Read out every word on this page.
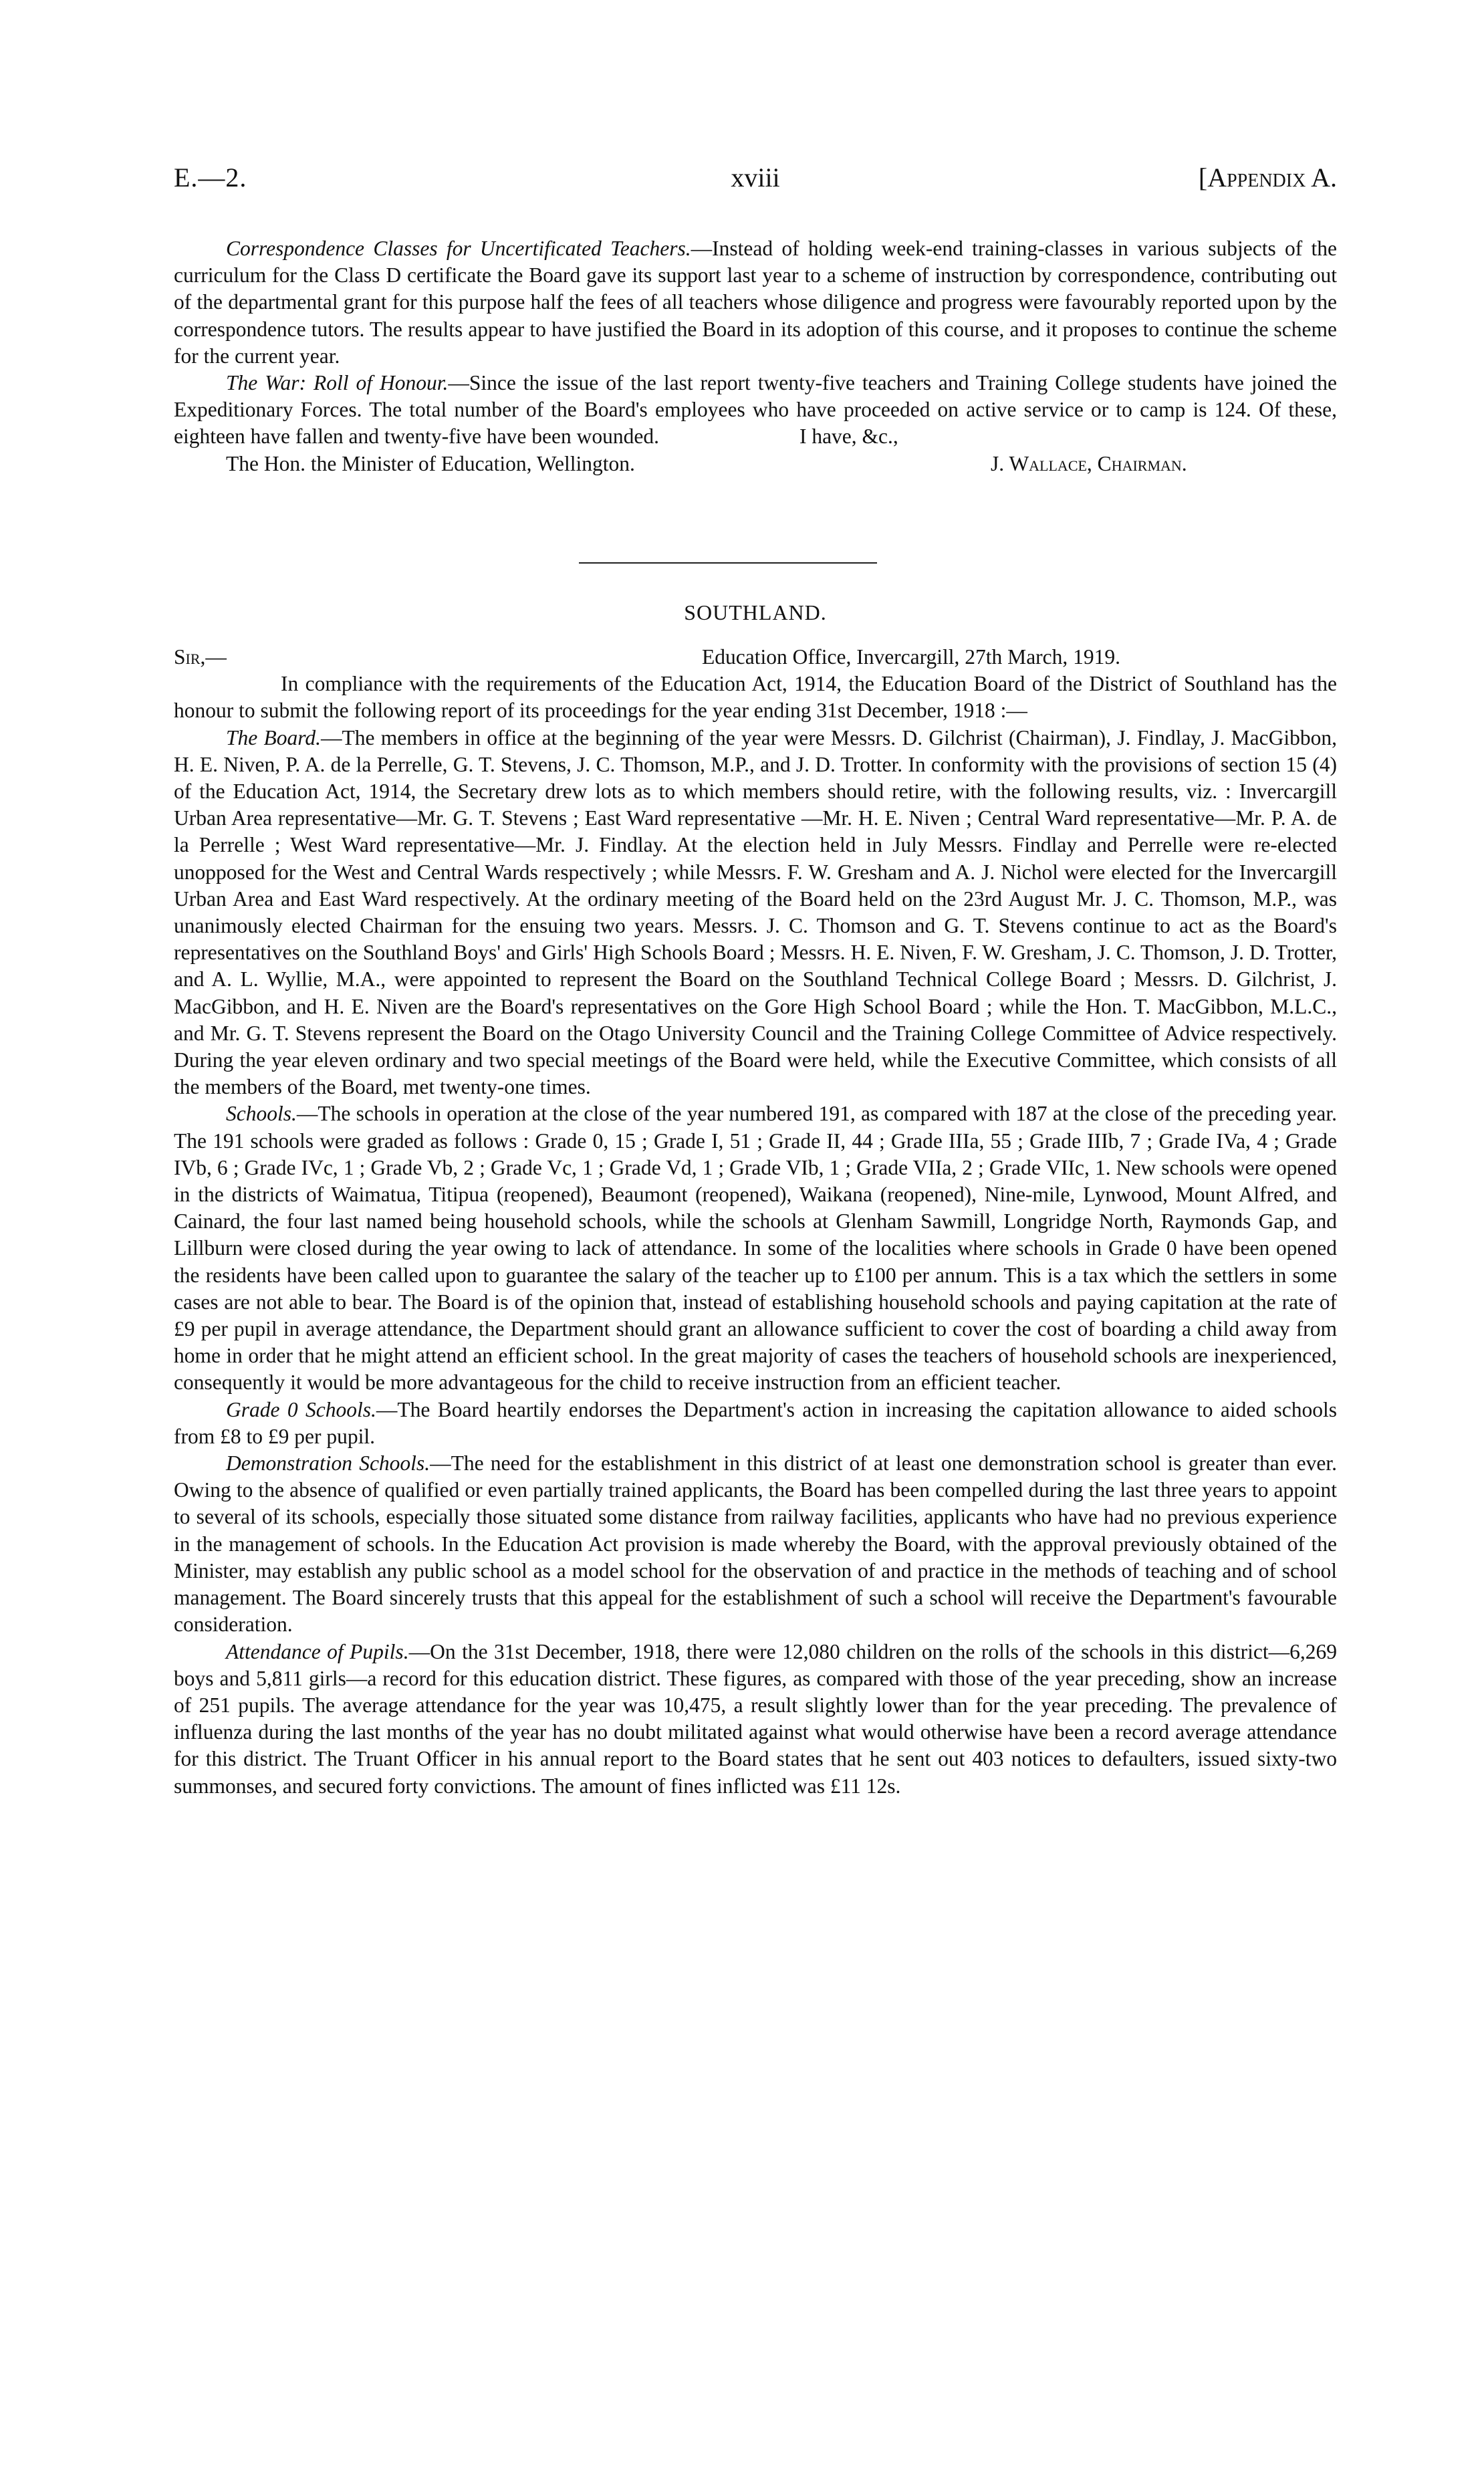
E.—2.	xviii	[Appendix A.

Correspondence Classes for Uncertificated Teachers.—Instead of holding week-end training-classes in various subjects of the curriculum for the Class D certificate the Board gave its support last year to a scheme of instruction by correspondence, contributing out of the departmental grant for this purpose half the fees of all teachers whose diligence and progress were favourably reported upon by the correspondence tutors. The results appear to have justified the Board in its adoption of this course, and it proposes to continue the scheme for the current year.

The War: Roll of Honour.—Since the issue of the last report twenty-five teachers and Training College students have joined the Expeditionary Forces. The total number of the Board's employees who have proceeded on active service or to camp is 124. Of these, eighteen have fallen and twenty-five have been wounded.	I have, &c.,

The Hon. the Minister of Education, Wellington.	J. Wallace, Chairman.
SOUTHLAND.
Sir,—	Education Office, Invercargill, 27th March, 1919.

In compliance with the requirements of the Education Act, 1914, the Education Board of the District of Southland has the honour to submit the following report of its proceedings for the year ending 31st December, 1918 :—

The Board.—The members in office at the beginning of the year were Messrs. D. Gilchrist (Chairman), J. Findlay, J. MacGibbon, H. E. Niven, P. A. de la Perrelle, G. T. Stevens, J. C. Thomson, M.P., and J. D. Trotter. In conformity with the provisions of section 15 (4) of the Education Act, 1914, the Secretary drew lots as to which members should retire, with the following results, viz. : Invercargill Urban Area representative—Mr. G. T. Stevens ; East Ward representative —Mr. H. E. Niven ; Central Ward representative—Mr. P. A. de la Perrelle ; West Ward representative—Mr. J. Findlay. At the election held in July Messrs. Findlay and Perrelle were re-elected unopposed for the West and Central Wards respectively ; while Messrs. F. W. Gresham and A. J. Nichol were elected for the Invercargill Urban Area and East Ward respectively. At the ordinary meeting of the Board held on the 23rd August Mr. J. C. Thomson, M.P., was unanimously elected Chairman for the ensuing two years. Messrs. J. C. Thomson and G. T. Stevens continue to act as the Board's representatives on the Southland Boys' and Girls' High Schools Board ; Messrs. H. E. Niven, F. W. Gresham, J. C. Thomson, J. D. Trotter, and A. L. Wyllie, M.A., were appointed to represent the Board on the Southland Technical College Board ; Messrs. D. Gilchrist, J. MacGibbon, and H. E. Niven are the Board's representatives on the Gore High School Board ; while the Hon. T. MacGibbon, M.L.C., and Mr. G. T. Stevens represent the Board on the Otago University Council and the Training College Committee of Advice respectively. During the year eleven ordinary and two special meetings of the Board were held, while the Executive Committee, which consists of all the members of the Board, met twenty-one times.

Schools.—The schools in operation at the close of the year numbered 191, as compared with 187 at the close of the preceding year. The 191 schools were graded as follows : Grade 0, 15 ; Grade I, 51 ; Grade II, 44 ; Grade IIIa, 55 ; Grade IIIb, 7 ; Grade IVa, 4 ; Grade IVb, 6 ; Grade IVc, 1 ; Grade Vb, 2 ; Grade Vc, 1 ; Grade Vd, 1 ; Grade VIb, 1 ; Grade VIIa, 2 ; Grade VIIc, 1. New schools were opened in the districts of Waimatua, Titipua (reopened), Beaumont (reopened), Waikana (reopened), Nine-mile, Lynwood, Mount Alfred, and Cainard, the four last named being household schools, while the schools at Glenham Sawmill, Longridge North, Raymonds Gap, and Lillburn were closed during the year owing to lack of attendance. In some of the localities where schools in Grade 0 have been opened the residents have been called upon to guarantee the salary of the teacher up to £100 per annum. This is a tax which the settlers in some cases are not able to bear. The Board is of the opinion that, instead of establishing household schools and paying capitation at the rate of £9 per pupil in average attendance, the Department should grant an allowance sufficient to cover the cost of boarding a child away from home in order that he might attend an efficient school. In the great majority of cases the teachers of household schools are inexperienced, consequently it would be more advantageous for the child to receive instruction from an efficient teacher.

Grade 0 Schools.—The Board heartily endorses the Department's action in increasing the capitation allowance to aided schools from £8 to £9 per pupil.

Demonstration Schools.—The need for the establishment in this district of at least one demonstration school is greater than ever. Owing to the absence of qualified or even partially trained applicants, the Board has been compelled during the last three years to appoint to several of its schools, especially those situated some distance from railway facilities, applicants who have had no previous experience in the management of schools. In the Education Act provision is made whereby the Board, with the approval previously obtained of the Minister, may establish any public school as a model school for the observation of and practice in the methods of teaching and of school management. The Board sincerely trusts that this appeal for the establishment of such a school will receive the Department's favourable consideration.

Attendance of Pupils.—On the 31st December, 1918, there were 12,080 children on the rolls of the schools in this district—6,269 boys and 5,811 girls—a record for this education district. These figures, as compared with those of the year preceding, show an increase of 251 pupils. The average attendance for the year was 10,475, a result slightly lower than for the year preceding. The prevalence of influenza during the last months of the year has no doubt militated against what would otherwise have been a record average attendance for this district. The Truant Officer in his annual report to the Board states that he sent out 403 notices to defaulters, issued sixty-two summonses, and secured forty convictions. The amount of fines inflicted was £11 12s.
